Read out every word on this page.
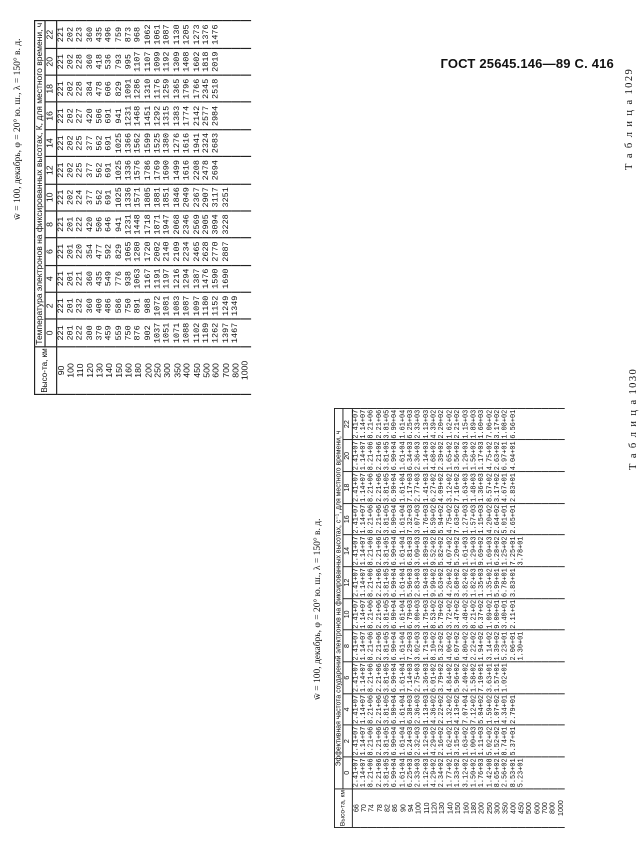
ГОСТ 25645.146—89 С. 416
Высо-та, км	Температура электронов на фиксированных высотах, К, для местного времени, ч											
	0	2	4	6	8	10	12	14	16	18	20	22
90	221	221	221	221	221	221	221	221	221	221	221	221
100	201	201	201	201	201	202	202	202	202	202	202	202
110	222	232	221	220	222	224	225	225	227	228	228	223
120	300	360	360	354	420	377	377	377	420	384	360	360
130	370	400	435	477	506	562	562	562	506	478	418	435
140	459	486	549	592	646	691	691	691	691	606	536	496
150	559	586	776	829	941	1025	1025	1025	941	829	793	759
160	750	750	938	1065	1231	1336	1336	1366	1231	1091	995	873
180	876	891	1063	1280	1448	1571	1576	1562	1468	1286	1107	968
200	902	988	1167	1720	1718	1805	1786	1599	1451	1310	1107	1062
250	1037	1072	1191	2002	1871	1881	1769	1525	1292	1176	1099	1061
300	1051	1081	1197	2140	1947	1851	1690	1380	1315	1259	1192	1087
350	1071	1083	1216	2109	2068	1846	1499	1276	1383	1365	1309	1130
400	1088	1087	1294	2234	2346	2049	1616	1616	1774	1796	1408	1205
450	1102	1097	1387	2465	2569	2367	2208	1941	2142	1766	1602	1273
500	1189	1180	1476	2628	2905	2907	2478	2324	2577	2345	1818	1376
600	1262	1152	1590	2770	3094	3117	2694	2683	2984	2518	2019	1476
700	1397	1249	1690	2887	3228	3251						
800	1467	1349										
1000												
w̄ = 100, декабрь, φ = 20° ю. ш., λ = 150° в. д.	Т а б л и ц а 1029
Высо-та, км	Эффективная частота соударений электронов на фиксированных высотах, с⁻¹, для местного времени, ч											
	0	2	4	6	8	10	12	14	16	18	20	22
66	2.41+07	2.41+07	2.41+07	2.41+07	2.41+07	2.41+07	2.41+07	2.41+07	2.41+07	2.41+07	2.41+07	2.41+07
70	1.14+07	1.14+07	1.14+07	1.14+07	1.14+07	1.14+07	1.14+07	1.14+07	1.14+07	1.14+07	1.14+07	1.14+07
74	8.21+06	8.21+06	8.21+06	8.21+06	8.21+06	8.21+06	8.21+06	8.21+06	8.21+06	8.21+06	8.21+06	8.21+06
78	2.21+06	2.21+06	2.21+06	2.21+06	2.21+06	2.21+06	2.21+06	2.21+06	2.21+06	2.21+06	2.21+06	2.21+06
82	3.81+05	3.81+05	3.81+05	3.81+05	3.81+05	3.81+05	3.81+05	3.81+05	3.81+05	3.81+05	3.81+05	3.81+05
86	6.90+04	6.90+04	6.90+04	6.90+04	6.90+04	6.90+04	6.90+04	6.90+04	6.90+04	6.90+04	6.90+04	6.90+04
90	1.61+04	1.61+04	1.61+04	1.61+04	1.61+04	1.61+04	1.61+04	1.61+04	1.61+04	1.61+04	1.61+04	1.61+04
94	6.25+03	6.24+03	6.38+03	7.14+03	7.29+03	6.79+03	5.96+03	6.81+03	7.32+03	7.17+03	6.34+03	6.25+03
100	2.33+03	2.32+03	2.36+03	2.75+03	3.02+03	3.00+03	2.83+03	3.09+03	3.07+03	2.77+03	2.36+03	2.33+03
110	1.12+03	1.12+03	1.13+03	1.36+03	1.71+03	1.75+03	1.94+03	1.89+03	1.76+03	1.41+03	1.14+03	1.13+03
120	4.29+02	4.29+02	4.36+02	6.01+02	8.10+02	8.53+02	9.99+02	9.52+02	8.59+02	6.27+02	4.68+02	4.39+02
130	2.34+02	2.16+02	2.22+02	3.79+02	5.32+02	5.79+02	5.63+02	5.82+02	5.94+02	4.09+02	2.39+02	2.20+02
140	1.77+02	1.62+02	1.32+02	4.84+02	4.06+02	3.72+02	4.26+02	4.07+02	4.75+02	3.12+02	1.65+02	1.62+02
150	1.33+02	3.15+02	4.13+02	5.96+02	6.07+02	3.47+02	3.68+02	5.20+02	7.63+02	7.16+02	3.56+02	2.21+02
160	3.12+02	1.63+02	7.07+04	2.40+02	4.80+02	3.48+02	3.82+02	1.61+03	1.27+03	1.63+03	1.29+03	1.15+03
180	1.50+02	1.00+03	7.12+02	1.58+02	2.22+02	8.21+02	1.82+03	1.29+03	1.57+03	1.48+03	1.56+02	1.89+03
200	1.76+03	1.11+03	5.04+02	7.10+01	1.94+02	6.37+02	1.35+03	9.69+02	1.15+03	1.36+03	1.17+03	1.60+03
250	1.42+08	5.02+02	1.59+02	3.63+01	3.14+02	1.09+02	1.35+02	1.69+03	4.20+02	8.57+02	4.75+02	7.06+02
300	8.65+02	1.52+02	1.07+02	1.57+01	1.39+02	9.00+01	5.99+01	6.28+02	2.64+02	3.17+02	2.63+02	3.17+02
350	2.56+02	8.74+01	4.34+01	1.02+01	5.23+01	3.40+01	6.78+01	1.25+02	5.01+01	4.67+01	6.97+01	1.08+02
400	8.53+01	5.37+01	2.79+01		2.06+01	2.11+01	3.83+01	7.25+01	2.65+01	2.83+01	4.04+01	6.56+01
450	5.23+01				1.30+01			3.78+01				
500												
600												
700												
800												
1000												
w̄ = 100, декабрь, φ = 20° ю. ш., λ = 150° в. д.
Т а б л и ц а 1030
